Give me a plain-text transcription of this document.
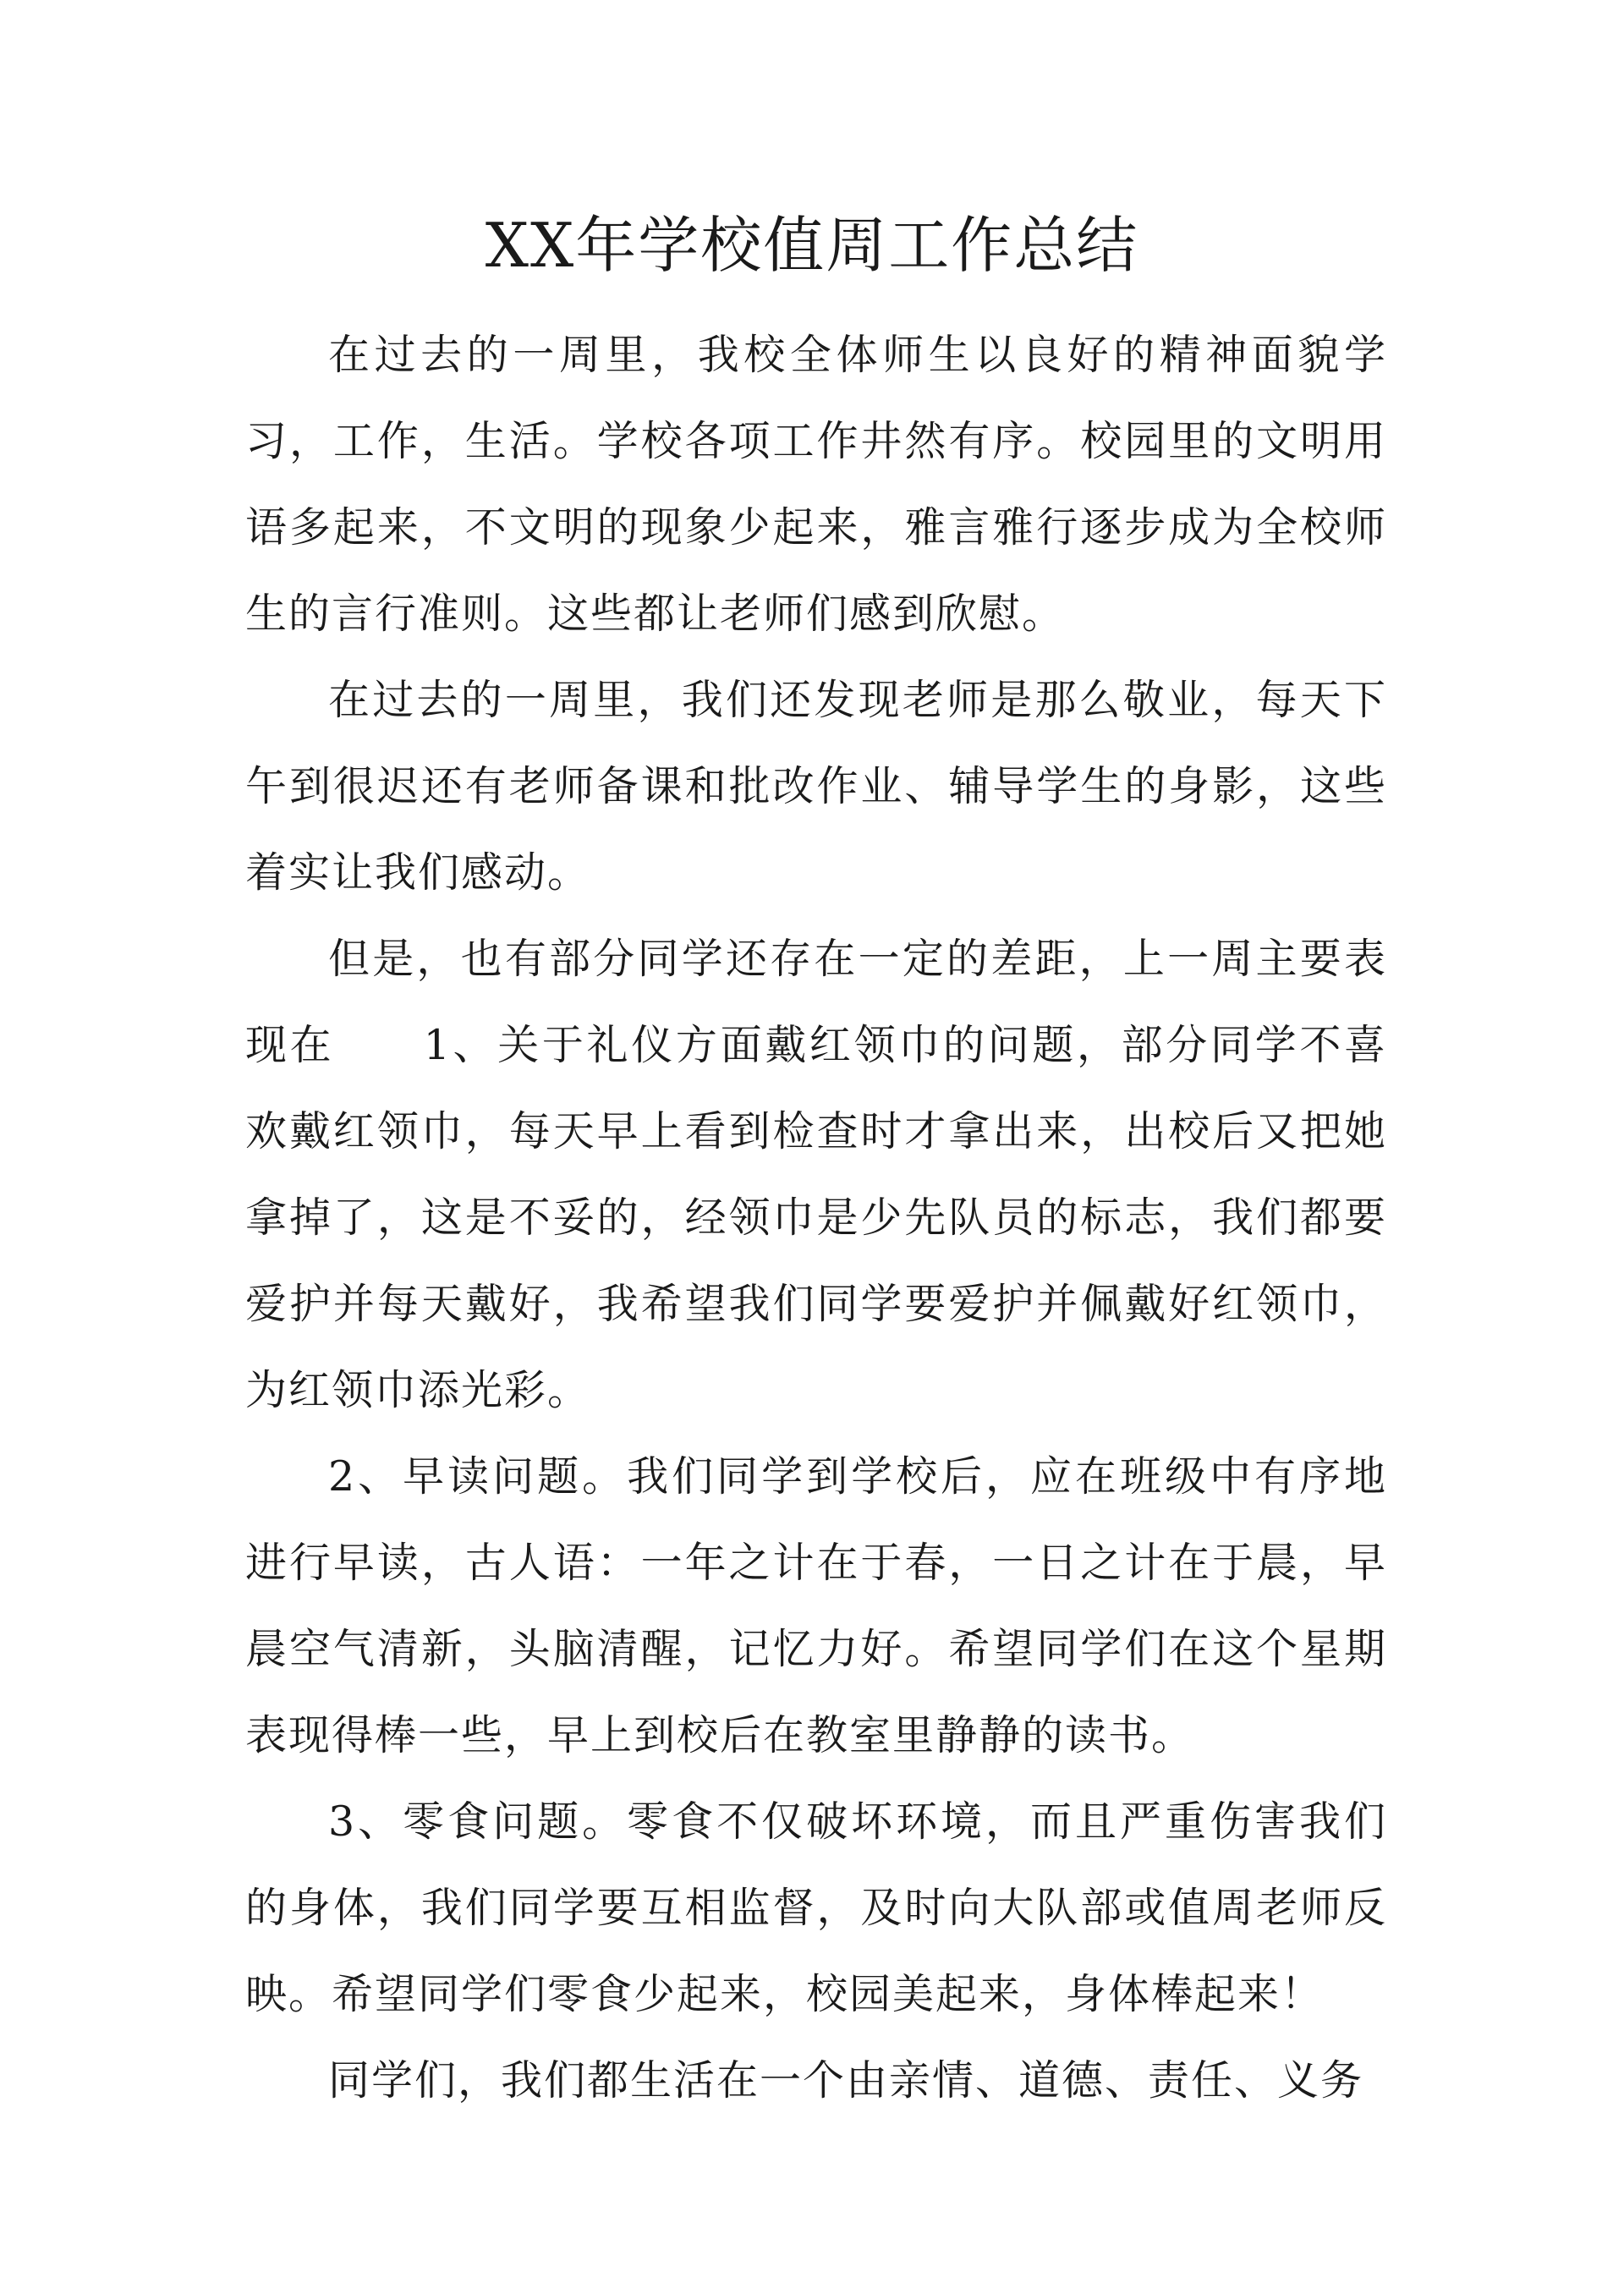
XX年学校值周工作总结

在过去的一周里，我校全体师生以良好的精神面貌学习，工作，生活。学校各项工作井然有序。校园里的文明用语多起来，不文明的现象少起来，雅言雅行逐步成为全校师生的言行准则。这些都让老师们感到欣慰。

在过去的一周里，我们还发现老师是那么敬业，每天下午到很迟还有老师备课和批改作业、辅导学生的身影，这些着实让我们感动。

但是，也有部分同学还存在一定的差距，上一周主要表现在　　1、关于礼仪方面戴红领巾的问题，部分同学不喜欢戴红领巾，每天早上看到检查时才拿出来，出校后又把她拿掉了，这是不妥的，经领巾是少先队员的标志，我们都要爱护并每天戴好，我希望我们同学要爱护并佩戴好红领巾，为红领巾添光彩。

2、早读问题。我们同学到学校后，应在班级中有序地进行早读，古人语：一年之计在于春，一日之计在于晨，早晨空气清新，头脑清醒，记忆力好。希望同学们在这个星期表现得棒一些，早上到校后在教室里静静的读书。

3、零食问题。零食不仅破坏环境，而且严重伤害我们的身体，我们同学要互相监督，及时向大队部或值周老师反映。希望同学们零食少起来，校园美起来，身体棒起来！

同学们，我们都生活在一个由亲情、道德、责任、义务
